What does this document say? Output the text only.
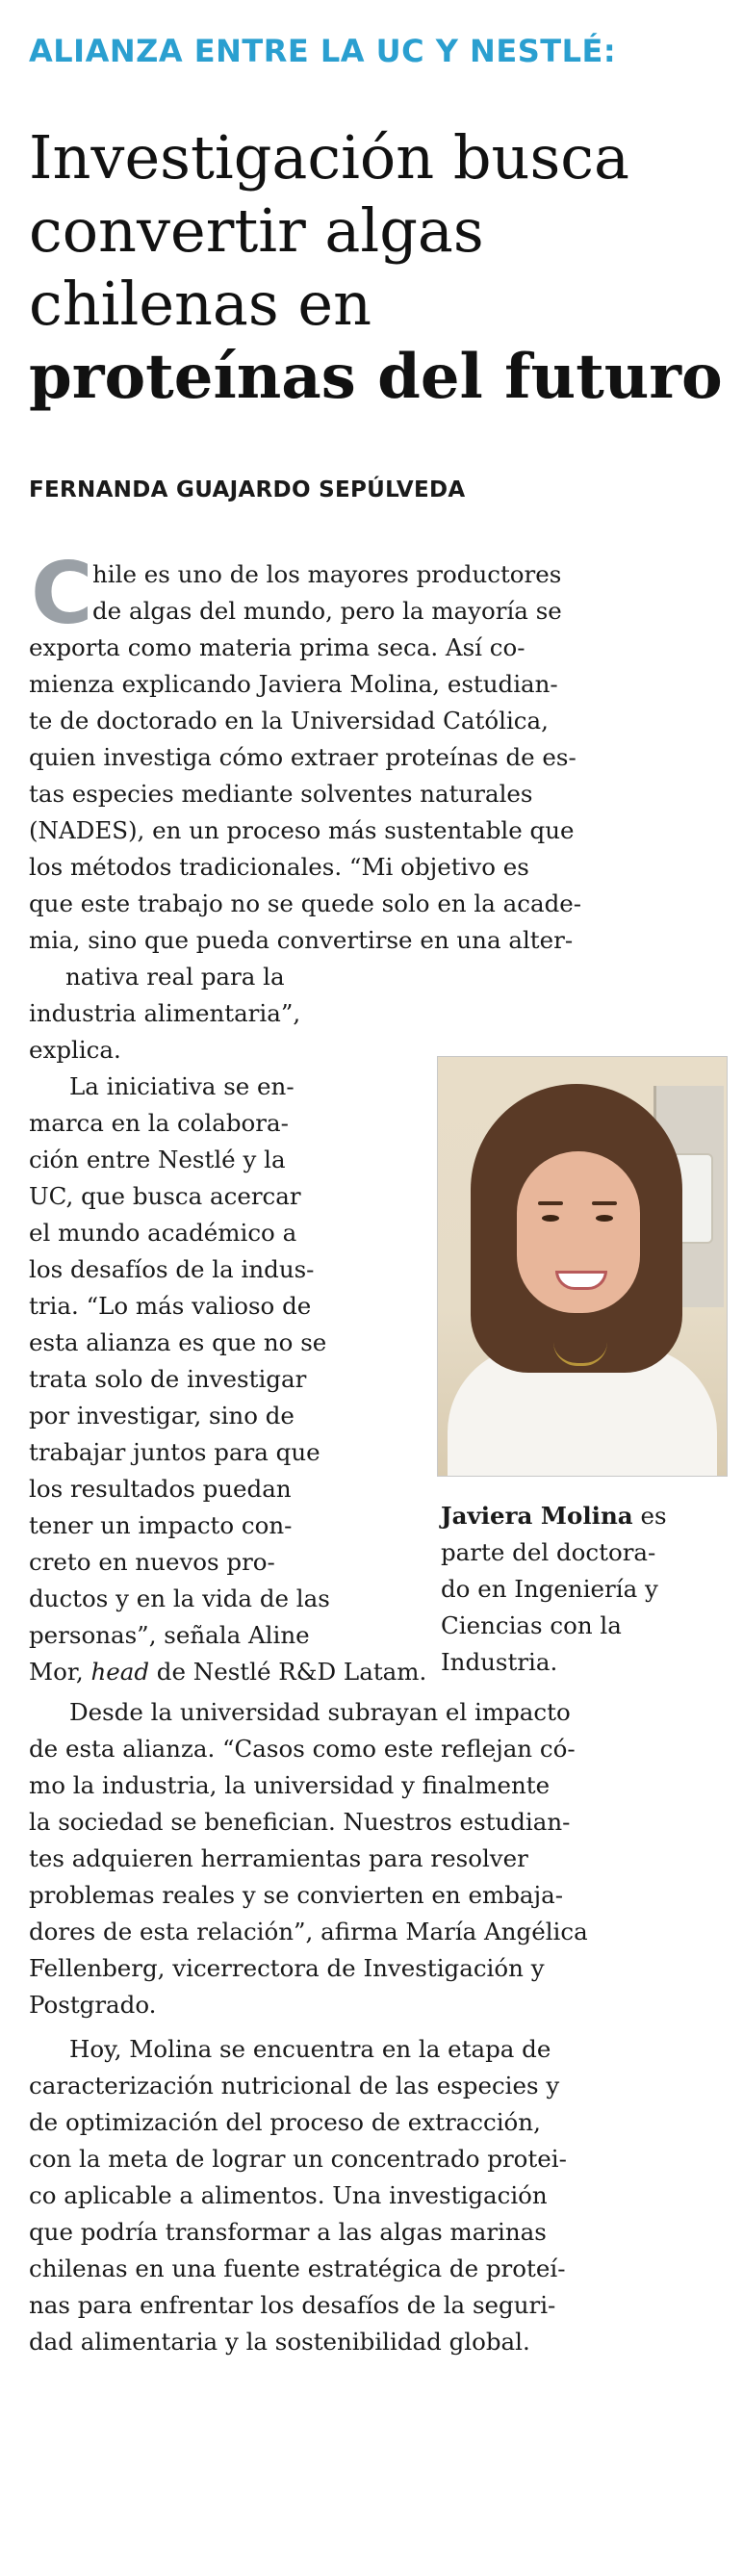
ALIANZA ENTRE LA UC Y NESTLÉ:
Investigación busca
convertir algas
chilenas en
proteínas del futuro
FERNANDA GUAJARDO SEPÚLVEDA
C hile es uno de los mayores productores
de algas del mundo, pero la mayoría se
exporta como materia prima seca. Así co-
mienza explicando Javiera Molina, estudian-
te de doctorado en la Universidad Católica,
quien investiga cómo extraer proteínas de es-
tas especies mediante solventes naturales
(NADES), en un proceso más sustentable que
los métodos tradicionales. “Mi objetivo es
que este trabajo no se quede solo en la acade-
mia, sino que pueda convertirse en una alter-
nativa real para la
industria alimentaria”,
explica.
La iniciativa se en-
marca en la colabora-
ción entre Nestlé y la
UC, que busca acercar
el mundo académico a
los desafíos de la indus-
tria. “Lo más valioso de
esta alianza es que no se
trata solo de investigar
por investigar, sino de
trabajar juntos para que
los resultados puedan
tener un impacto con-
creto en nuevos pro-
ductos y en la vida de las
personas”, señala Aline
Mor, head de Nestlé R&D Latam.
Javiera Molina es
parte del doctora-
do en Ingeniería y
Ciencias con la
Industria.
Desde la universidad subrayan el impacto
de esta alianza. “Casos como este reflejan có-
mo la industria, la universidad y finalmente
la sociedad se benefician. Nuestros estudian-
tes adquieren herramientas para resolver
problemas reales y se convierten en embaja-
dores de esta relación”, afirma María Angélica
Fellenberg, vicerrectora de Investigación y
Postgrado.
Hoy, Molina se encuentra en la etapa de
caracterización nutricional de las especies y
de optimización del proceso de extracción,
con la meta de lograr un concentrado protei-
co aplicable a alimentos. Una investigación
que podría transformar a las algas marinas
chilenas en una fuente estratégica de proteí-
nas para enfrentar los desafíos de la seguri-
dad alimentaria y la sostenibilidad global.
